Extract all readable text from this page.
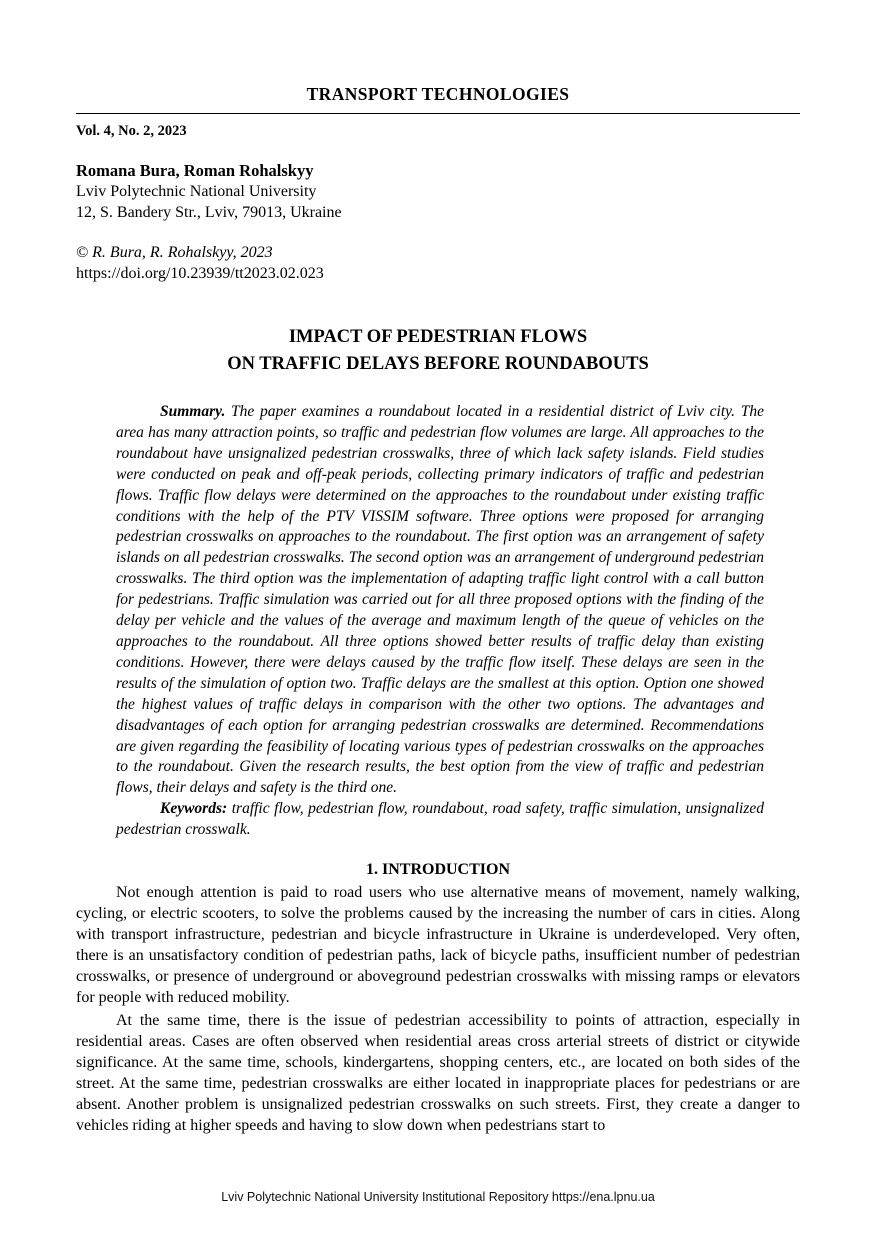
TRANSPORT TECHNOLOGIES
Vol. 4, No. 2, 2023
Romana Bura, Roman Rohalskyy
Lviv Polytechnic National University
12, S. Bandery Str., Lviv, 79013, Ukraine
© R. Bura, R. Rohalskyy, 2023
https://doi.org/10.23939/tt2023.02.023
IMPACT OF PEDESTRIAN FLOWS
ON TRAFFIC DELAYS BEFORE ROUNDABOUTS

Summary. The paper examines a roundabout located in a residential district of Lviv city. The area has many attraction points, so traffic and pedestrian flow volumes are large. All approaches to the roundabout have unsignalized pedestrian crosswalks, three of which lack safety islands. Field studies were conducted on peak and off-peak periods, collecting primary indicators of traffic and pedestrian flows. Traffic flow delays were determined on the approaches to the roundabout under existing traffic conditions with the help of the PTV VISSIM software. Three options were proposed for arranging pedestrian crosswalks on approaches to the roundabout. The first option was an arrangement of safety islands on all pedestrian crosswalks. The second option was an arrangement of underground pedestrian crosswalks. The third option was the implementation of adapting traffic light control with a call button for pedestrians. Traffic simulation was carried out for all three proposed options with the finding of the delay per vehicle and the values of the average and maximum length of the queue of vehicles on the approaches to the roundabout. All three options showed better results of traffic delay than existing conditions. However, there were delays caused by the traffic flow itself. These delays are seen in the results of the simulation of option two. Traffic delays are the smallest at this option. Option one showed the highest values of traffic delays in comparison with the other two options. The advantages and disadvantages of each option for arranging pedestrian crosswalks are determined. Recommendations are given regarding the feasibility of locating various types of pedestrian crosswalks on the approaches to the roundabout. Given the research results, the best option from the view of traffic and pedestrian flows, their delays and safety is the third one.

Keywords: traffic flow, pedestrian flow, roundabout, road safety, traffic simulation, unsignalized pedestrian crosswalk.

1. INTRODUCTION

Not enough attention is paid to road users who use alternative means of movement, namely walking, cycling, or electric scooters, to solve the problems caused by the increasing the number of cars in cities. Along with transport infrastructure, pedestrian and bicycle infrastructure in Ukraine is underdeveloped. Very often, there is an unsatisfactory condition of pedestrian paths, lack of bicycle paths, insufficient number of pedestrian crosswalks, or presence of underground or aboveground pedestrian crosswalks with missing ramps or elevators for people with reduced mobility.

At the same time, there is the issue of pedestrian accessibility to points of attraction, especially in residential areas. Cases are often observed when residential areas cross arterial streets of district or citywide significance. At the same time, schools, kindergartens, shopping centers, etc., are located on both sides of the street. At the same time, pedestrian crosswalks are either located in inappropriate places for pedestrians or are absent. Another problem is unsignalized pedestrian crosswalks on such streets. First, they create a danger to vehicles riding at higher speeds and having to slow down when pedestrians start to

Lviv Polytechnic National University Institutional Repository https://ena.lpnu.ua
